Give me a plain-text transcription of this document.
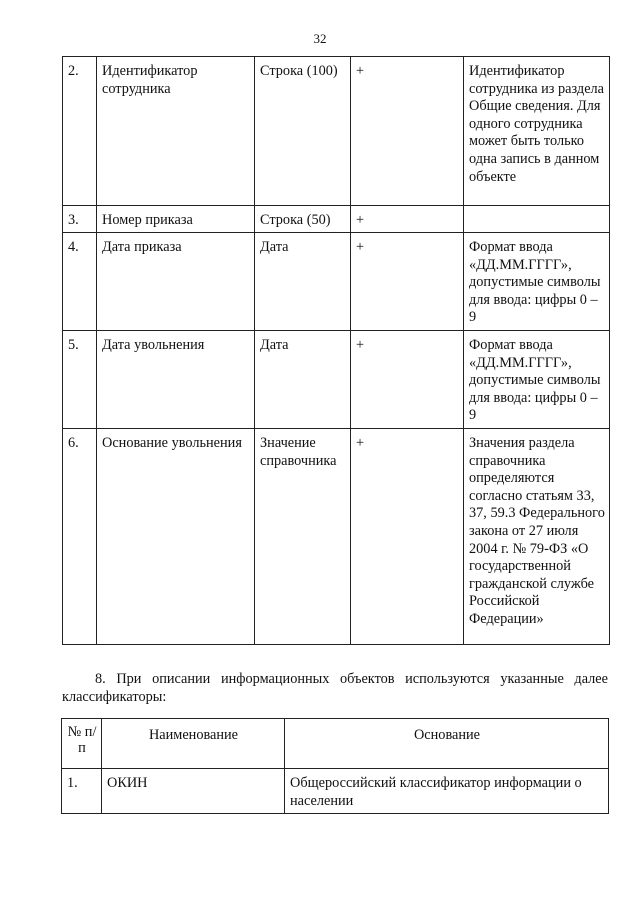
32
2.	Идентификатор сотрудника	Строка (100)	+	Идентификатор сотрудника из раздела Общие сведения. Для одного сотрудника может быть только одна запись в данном объекте
3.	Номер приказа	Строка (50)	+	
4.	Дата приказа	Дата	+	Формат ввода «ДД.ММ.ГГГГ», допустимые символы для ввода: цифры 0 – 9
5.	Дата увольнения	Дата	+	Формат ввода «ДД.ММ.ГГГГ», допустимые символы для ввода: цифры 0 – 9
6.	Основание увольнения	Значение справочника	+	Значения раздела справочника определяются согласно статьям 33, 37, 59.3 Федерального закона от 27 июля 2004 г. № 79-ФЗ «О государственной гражданской службе Российской Федерации»
8. При описании информационных объектов используются указанные далее классификаторы:
№ п/п	Наименование	Основание
1.	ОКИН	Общероссийский классификатор информации о населении
